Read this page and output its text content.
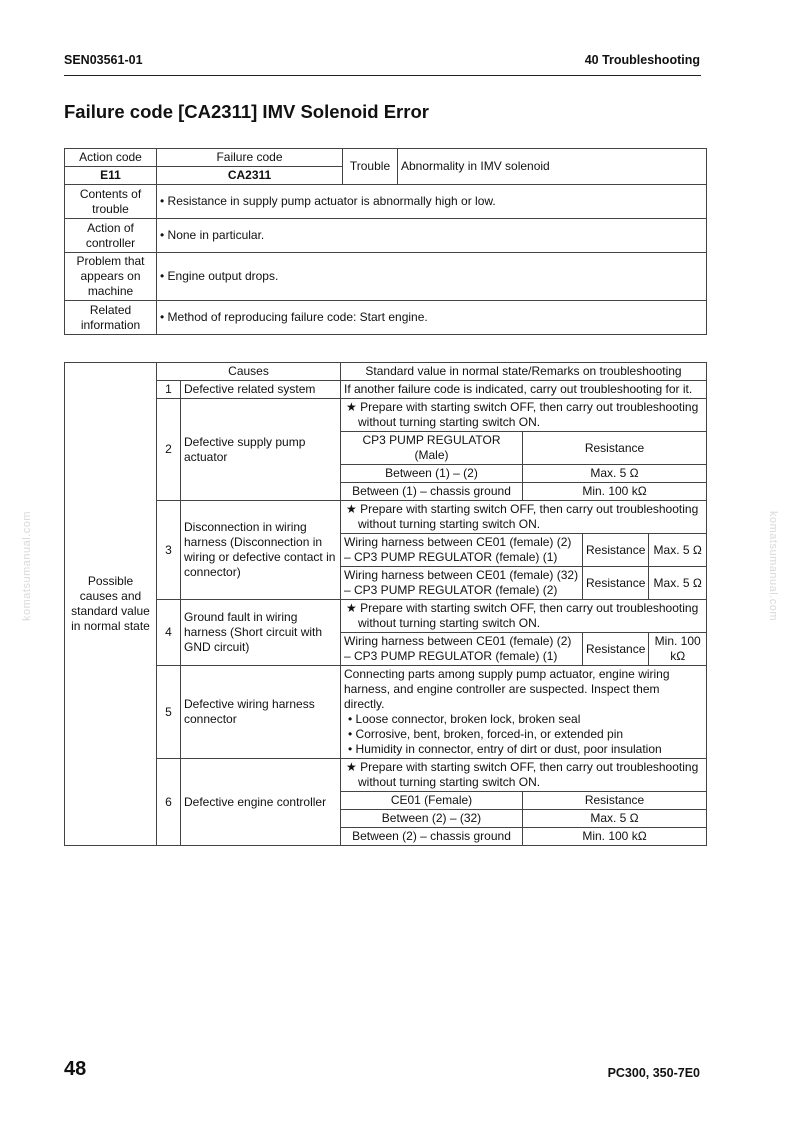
SEN03561-01	40 Troubleshooting
Failure code [CA2311] IMV Solenoid Error
Action code	Failure code	Trouble	Abnormality in IMV solenoid
E11	CA2311		

Contents of trouble	• Resistance in supply pump actuator is abnormally high or low.		

Action of controller	• None in particular.		

Problem that appears on machine	• Engine output drops.		

Related information	• Method of reproducing failure code: Start engine.		
Possible causes and standard value in normal state	Causes		Standard value in normal state/Remarks on troubleshooting			
	1	Defective related system	If another failure code is indicated, carry out troubleshooting for it.			
	2	Defective supply pump actuator	★ Prepare with starting switch OFF, then carry out troubleshooting without turning starting switch ON.			

			CP3 PUMP REGULATOR (Male)	Resistance		
			Between (1) – (2)	Max. 5 Ω		
			Between (1) – chassis ground	Min. 100 kΩ		
	3	Disconnection in wiring harness (Disconnection in wiring or defective contact in connector)	★ Prepare with starting switch OFF, then carry out troubleshooting without turning starting switch ON.			

			Wiring harness between CE01 (female) (2) – CP3 PUMP REGULATOR (female) (1)		Resistance	Max. 5 Ω
			Wiring harness between CE01 (female) (32) – CP3 PUMP REGULATOR (female) (2)		Resistance	Max. 5 Ω
	4	Ground fault in wiring harness (Short circuit with GND circuit)	★ Prepare with starting switch OFF, then carry out troubleshooting without turning starting switch ON.			

			Wiring harness between CE01 (female) (2) – CP3 PUMP REGULATOR (female) (1)		Resistance	Min. 100 kΩ
	5	Defective wiring harness connector	Connecting parts among supply pump actuator, engine wiring harness, and engine controller are suspected. Inspect them directly.
• Loose connector, broken lock, broken seal
• Corrosive, bent, broken, forced-in, or extended pin
• Humidity in connector, entry of dirt or dust, poor insulation			

	6	Defective engine controller	★ Prepare with starting switch OFF, then carry out troubleshooting without turning starting switch ON.			

			CE01 (Female)	Resistance		
			Between (2) – (32)	Max. 5 Ω		
			Between (2) – chassis ground	Min. 100 kΩ		
komatsumanual.com	komatsumanual.com
48	PC300, 350-7E0
